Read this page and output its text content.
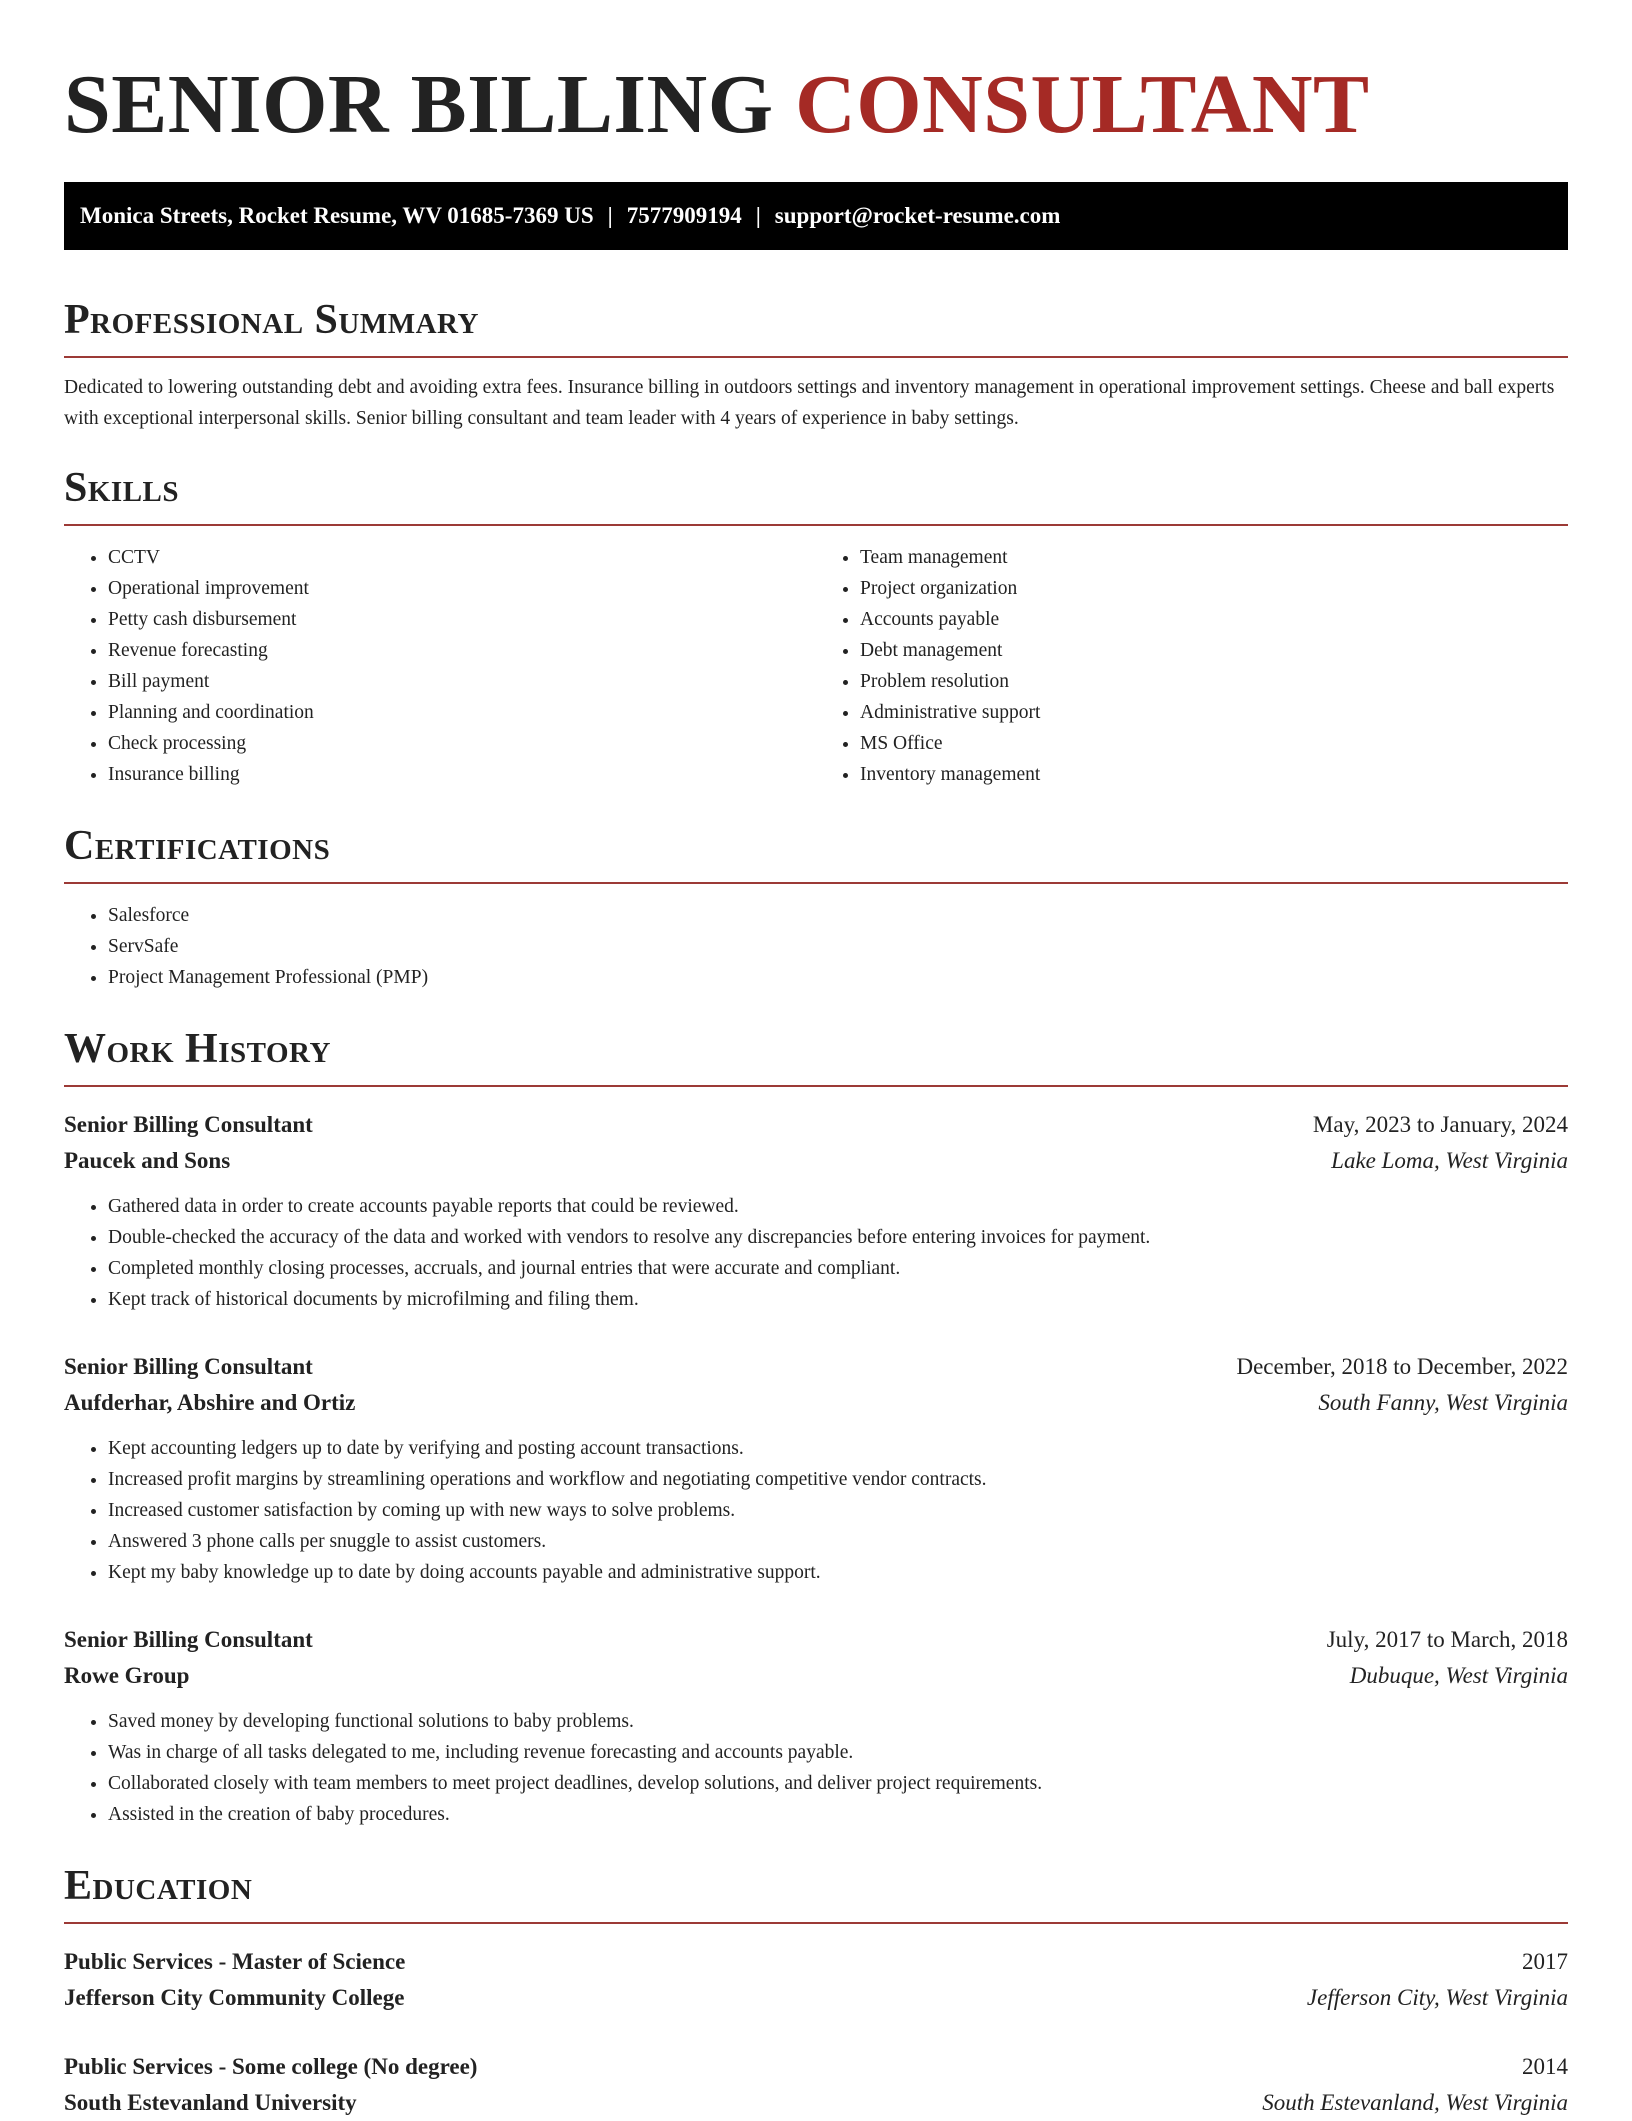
SENIOR BILLING CONSULTANT
Monica Streets, Rocket Resume, WV 01685-7369 US | 7577909194 | support@rocket-resume.com
Professional Summary

Dedicated to lowering outstanding debt and avoiding extra fees. Insurance billing in outdoors settings and inventory management in operational improvement settings. Cheese and ball experts with exceptional interpersonal skills. Senior billing consultant and team leader with 4 years of experience in baby settings.

Skills
• CCTV
• Operational improvement
• Petty cash disbursement
• Revenue forecasting
• Bill payment
• Planning and coordination
• Check processing
• Insurance billing
• Team management
• Project organization
• Accounts payable
• Debt management
• Problem resolution
• Administrative support
• MS Office
• Inventory management
Certifications
• Salesforce
• ServSafe
• Project Management Professional (PMP)
Work History
Senior Billing Consultant	May, 2023 to January, 2024
Paucek and Sons	Lake Loma, West Virginia
• Gathered data in order to create accounts payable reports that could be reviewed.
• Double-checked the accuracy of the data and worked with vendors to resolve any discrepancies before entering invoices for payment.
• Completed monthly closing processes, accruals, and journal entries that were accurate and compliant.
• Kept track of historical documents by microfilming and filing them.
Senior Billing Consultant	December, 2018 to December, 2022
Aufderhar, Abshire and Ortiz	South Fanny, West Virginia
• Kept accounting ledgers up to date by verifying and posting account transactions.
• Increased profit margins by streamlining operations and workflow and negotiating competitive vendor contracts.
• Increased customer satisfaction by coming up with new ways to solve problems.
• Answered 3 phone calls per snuggle to assist customers.
• Kept my baby knowledge up to date by doing accounts payable and administrative support.
Senior Billing Consultant	July, 2017 to March, 2018
Rowe Group	Dubuque, West Virginia
• Saved money by developing functional solutions to baby problems.
• Was in charge of all tasks delegated to me, including revenue forecasting and accounts payable.
• Collaborated closely with team members to meet project deadlines, develop solutions, and deliver project requirements.
• Assisted in the creation of baby procedures.
Education
Public Services - Master of Science	2017
Jefferson City Community College	Jefferson City, West Virginia
Public Services - Some college (No degree)	2014
South Estevanland University	South Estevanland, West Virginia
